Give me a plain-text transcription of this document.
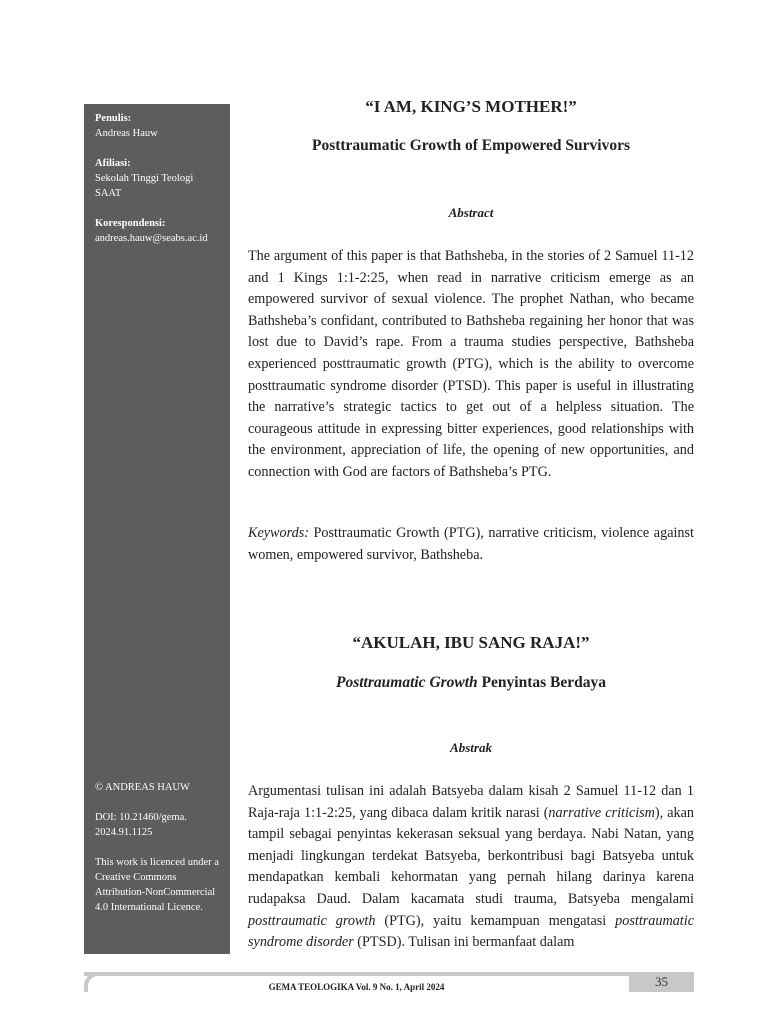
Penulis:
Andreas Hauw
Afiliasi:
Sekolah Tinggi Teologi SAAT
Korespondensi:
andreas.hauw@seabs.ac.id
© ANDREAS HAUW
DOI: 10.21460/gema. 2024.91.1125
This work is licenced under a Creative Commons Attribution-NonCommercial 4.0 International Licence.
“I AM, KING’S MOTHER!”
Posttraumatic Growth of Empowered Survivors
Abstract

The argument of this paper is that Bathsheba, in the stories of 2 Samuel 11-12 and 1 Kings 1:1-2:25, when read in narrative criticism emerge as an empowered survivor of sexual violence. The prophet Nathan, who became Bathsheba’s confidant, contributed to Bathsheba regaining her honor that was lost due to David’s rape. From a trauma studies perspective, Bathsheba experienced posttraumatic growth (PTG), which is the ability to overcome posttraumatic syndrome disorder (PTSD). This paper is useful in illustrating the narrative’s strategic tactics to get out of a helpless situation. The courageous attitude in expressing bitter experiences, good relationships with the environment, appreciation of life, the opening of new opportunities, and connection with God are factors of Bathsheba’s PTG.

Keywords: Posttraumatic Growth (PTG), narrative criticism, violence against women, empowered survivor, Bathsheba.

“AKULAH, IBU SANG RAJA!”
Posttraumatic Growth Penyintas Berdaya
Abstrak

Argumentasi tulisan ini adalah Batsyeba dalam kisah 2 Samuel 11-12 dan 1 Raja-raja 1:1-2:25, yang dibaca dalam kritik narasi (narrative criticism), akan tampil sebagai penyintas kekerasan seksual yang berdaya. Nabi Natan, yang menjadi lingkungan terdekat Batsyeba, berkontribusi bagi Batsyeba untuk mendapatkan kembali kehormatan yang pernah hilang darinya karena rudapaksa Daud. Dalam kacamata studi trauma, Batsyeba mengalami posttraumatic growth (PTG), yaitu kemampuan mengatasi posttraumatic syndrome disorder (PTSD). Tulisan ini bermanfaat dalam

35
GEMA TEOLOGIKA Vol. 9 No. 1, April 2024
